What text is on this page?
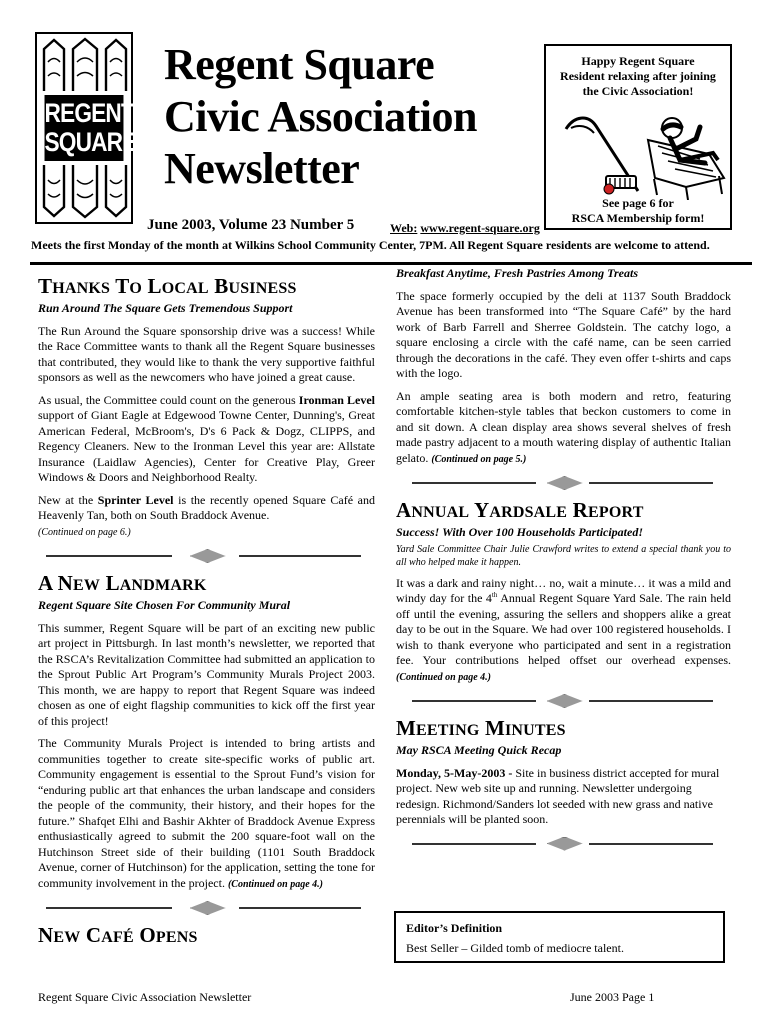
REGENT
SQUARE
Regent Square
Civic Association
Newsletter
Happy Regent Square
Resident relaxing after joining
the Civic Association!
See page 6 for
RSCA Membership form!
June 2003, Volume 23 Number 5	Web: www.regent-square.org
Meets the first Monday of the month at Wilkins School Community Center, 7PM. All Regent Square residents are welcome to attend.
THANKS TO LOCAL BUSINESS

Run Around The Square Gets Tremendous Support

The Run Around the Square sponsorship drive was a success! While the Race Committee wants to thank all the Regent Square businesses that contributed, they would like to thank the very supportive faithful sponsors as well as the newcomers who have joined a great cause.

As usual, the Committee could count on the generous Ironman Level support of Giant Eagle at Edgewood Towne Center, Dunning's, Great American Federal, McBroom's, D's 6 Pack & Dogz, CLIPPS, and Regency Cleaners. New to the Ironman Level this year are: Allstate Insurance (Laidlaw Agencies), Center for Creative Play, Greer Windows & Doors and Neighborhood Realty.

New at the Sprinter Level is the recently opened Square Café and Heavenly Tan, both on South Braddock Avenue.
(Continued on page 6.)

A NEW LANDMARK

Regent Square Site Chosen For Community Mural

This summer, Regent Square will be part of an exciting new public art project in Pittsburgh. In last month’s newsletter, we reported that the RSCA’s Revitalization Committee had submitted an application to the Sprout Public Art Program’s Community Murals Project 2003. This month, we are happy to report that Regent Square was indeed chosen as one of eight flagship communities to kick off the first year of this project!

The Community Murals Project is intended to bring artists and communities together to create site-specific works of public art. Community engagement is essential to the Sprout Fund’s vision for “enduring public art that enhances the urban landscape and considers the people of the community, their history, and their hopes for the future.” Shafqet Elhi and Bashir Akhter of Braddock Avenue Express enthusiastically agreed to submit the 200 square-foot wall on the Hutchinson Street side of their building (1101 South Braddock Avenue, corner of Hutchinson) for the application, setting the tone for community involvement in the project. (Continued on page 4.)

NEW CAFÉ OPENS

Breakfast Anytime, Fresh Pastries Among Treats

The space formerly occupied by the deli at 1137 South Braddock Avenue has been transformed into “The Square Café” by the hard work of Barb Farrell and Sherree Goldstein. The catchy logo, a square enclosing a circle with the café name, can be seen carried through the decorations in the café. They even offer t-shirts and caps with the logo.

An ample seating area is both modern and retro, featuring comfortable kitchen-style tables that beckon customers to come in and sit down. A clean display area shows several shelves of fresh made pastry adjacent to a mouth watering display of authentic Italian gelato. (Continued on page 5.)

ANNUAL YARDSALE REPORT

Success! With Over 100 Households Participated!

Yard Sale Committee Chair Julie Crawford writes to extend a special thank you to all who helped make it happen.

It was a dark and rainy night… no, wait a minute… it was a mild and windy day for the 4th Annual Regent Square Yard Sale. The rain held off until the evening, assuring the sellers and shoppers alike a great day to be out in the Square. We had over 100 registered households. I wish to thank everyone who participated and sent in a registration fee. Your contributions helped offset our overhead expenses. (Continued on page 4.)

MEETING MINUTES

May RSCA Meeting Quick Recap

Monday, 5-May-2003 - Site in business district accepted for mural project. New web site up and running. Newsletter undergoing redesign. Richmond/Sanders lot seeded with new grass and native perennials will be planted soon.

Editor’s Definition
Best Seller – Gilded tomb of mediocre talent.
Regent Square Civic Association Newsletter	June 2003 Page 1
